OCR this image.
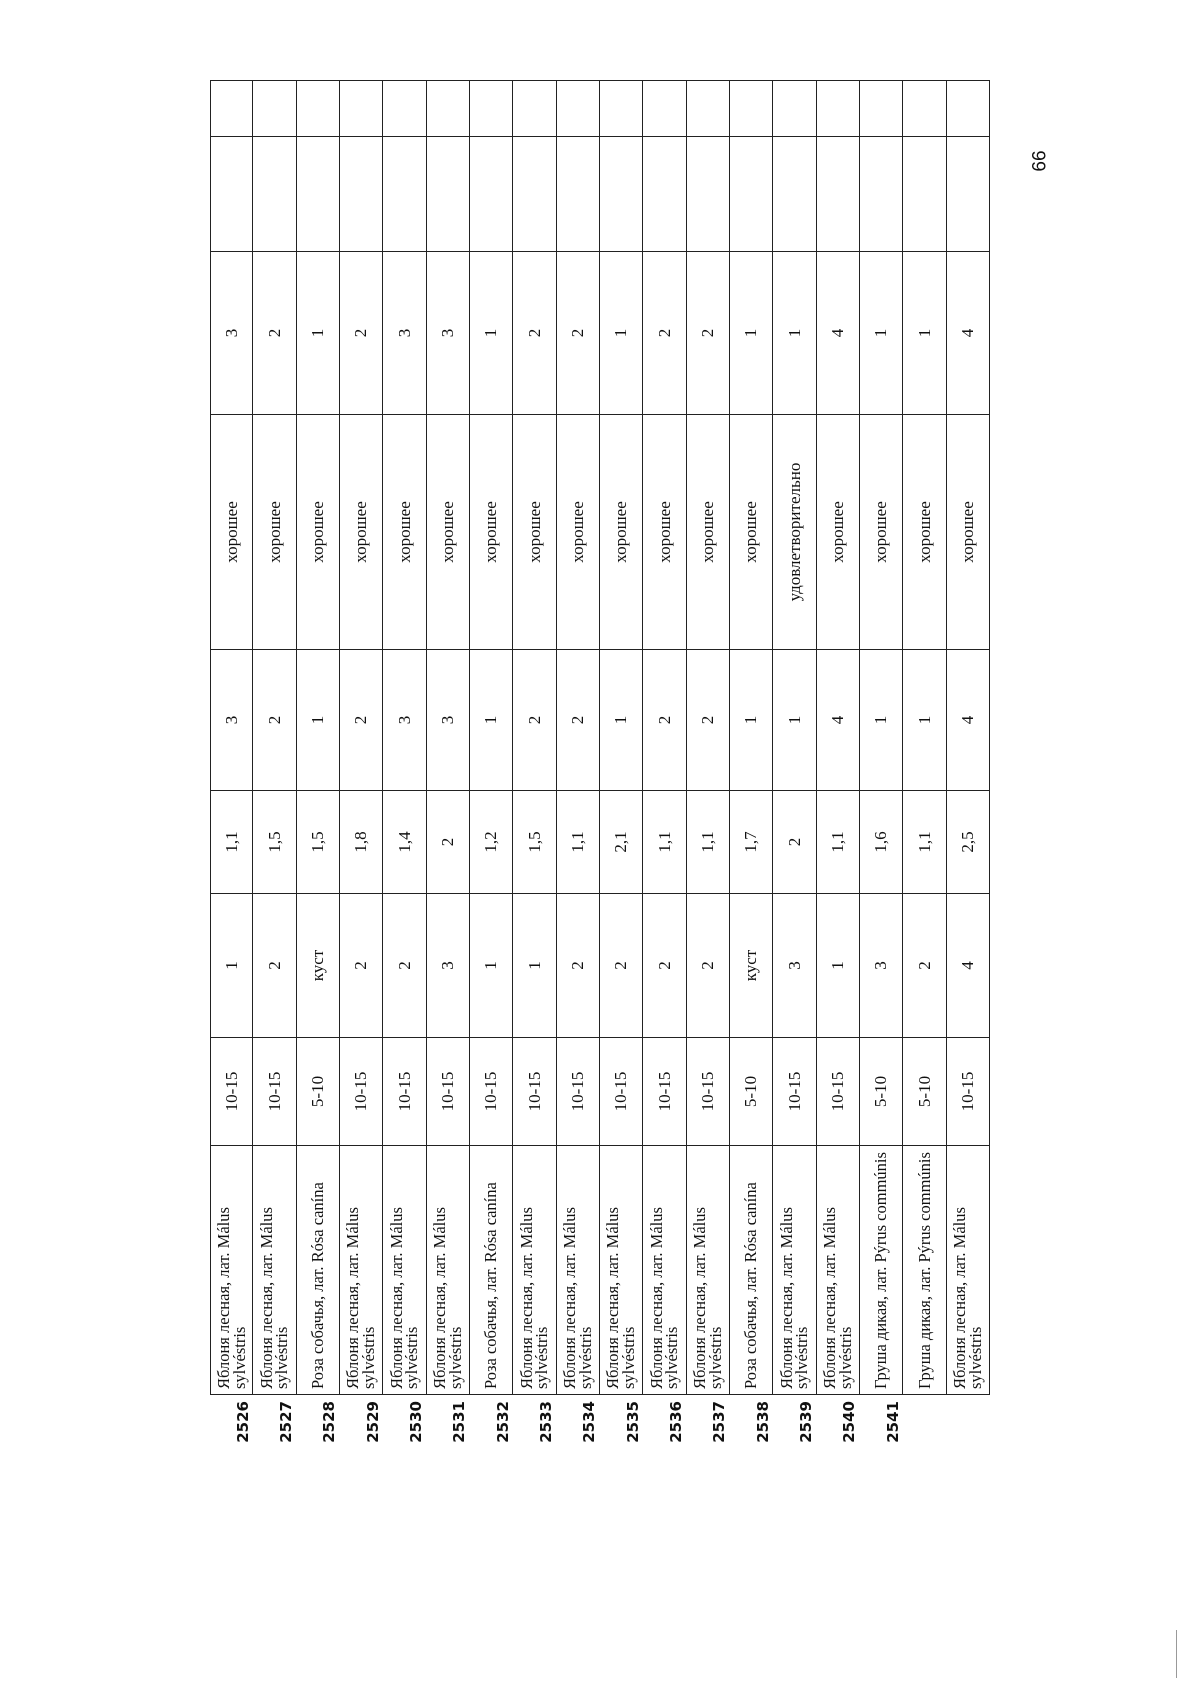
2526
Яблоня лесная, лат. Málus sylvéstris
10-15
1
1,1
3
хорошее
3
2527
Яблоня лесная, лат. Málus sylvéstris
10-15
2
1,5
2
хорошее
2
2528
Роза собачья, лат. Rósa canína
5-10
куст
1,5
1
хорошее
1
2529
Яблоня лесная, лат. Málus sylvéstris
10-15
2
1,8
2
хорошее
2
2530
Яблоня лесная, лат. Málus sylvéstris
10-15
2
1,4
3
хорошее
3
2531
Яблоня лесная, лат. Málus sylvéstris
10-15
3
2
3
хорошее
3
2532
Роза собачья, лат. Rósa canína
10-15
1
1,2
1
хорошее
1
2533
Яблоня лесная, лат. Málus sylvéstris
10-15
1
1,5
2
хорошее
2
2534
Яблоня лесная, лат. Málus sylvéstris
10-15
2
1,1
2
хорошее
2
2535
Яблоня лесная, лат. Málus sylvéstris
10-15
2
2,1
1
хорошее
1
2536
Яблоня лесная, лат. Málus sylvéstris
10-15
2
1,1
2
хорошее
2
2537
Яблоня лесная, лат. Málus sylvéstris
10-15
2
1,1
2
хорошее
2
2538
Роза собачья, лат. Rósa canína
5-10
куст
1,7
1
хорошее
1
2539
Яблоня лесная, лат. Málus sylvéstris
10-15
3
2
1
удовлетворительно
1
2540
Яблоня лесная, лат. Málus sylvéstris
10-15
1
1,1
4
хорошее
4
2541
Груша дикая, лат. Pýrus commúnis
5-10
3
1,6
1
хорошее
1
Груша дикая, лат. Pýrus commúnis
5-10
2
1,1
1
хорошее
1
Яблоня лесная, лат. Málus sylvéstris
10-15
4
2,5
4
хорошее
4
66
